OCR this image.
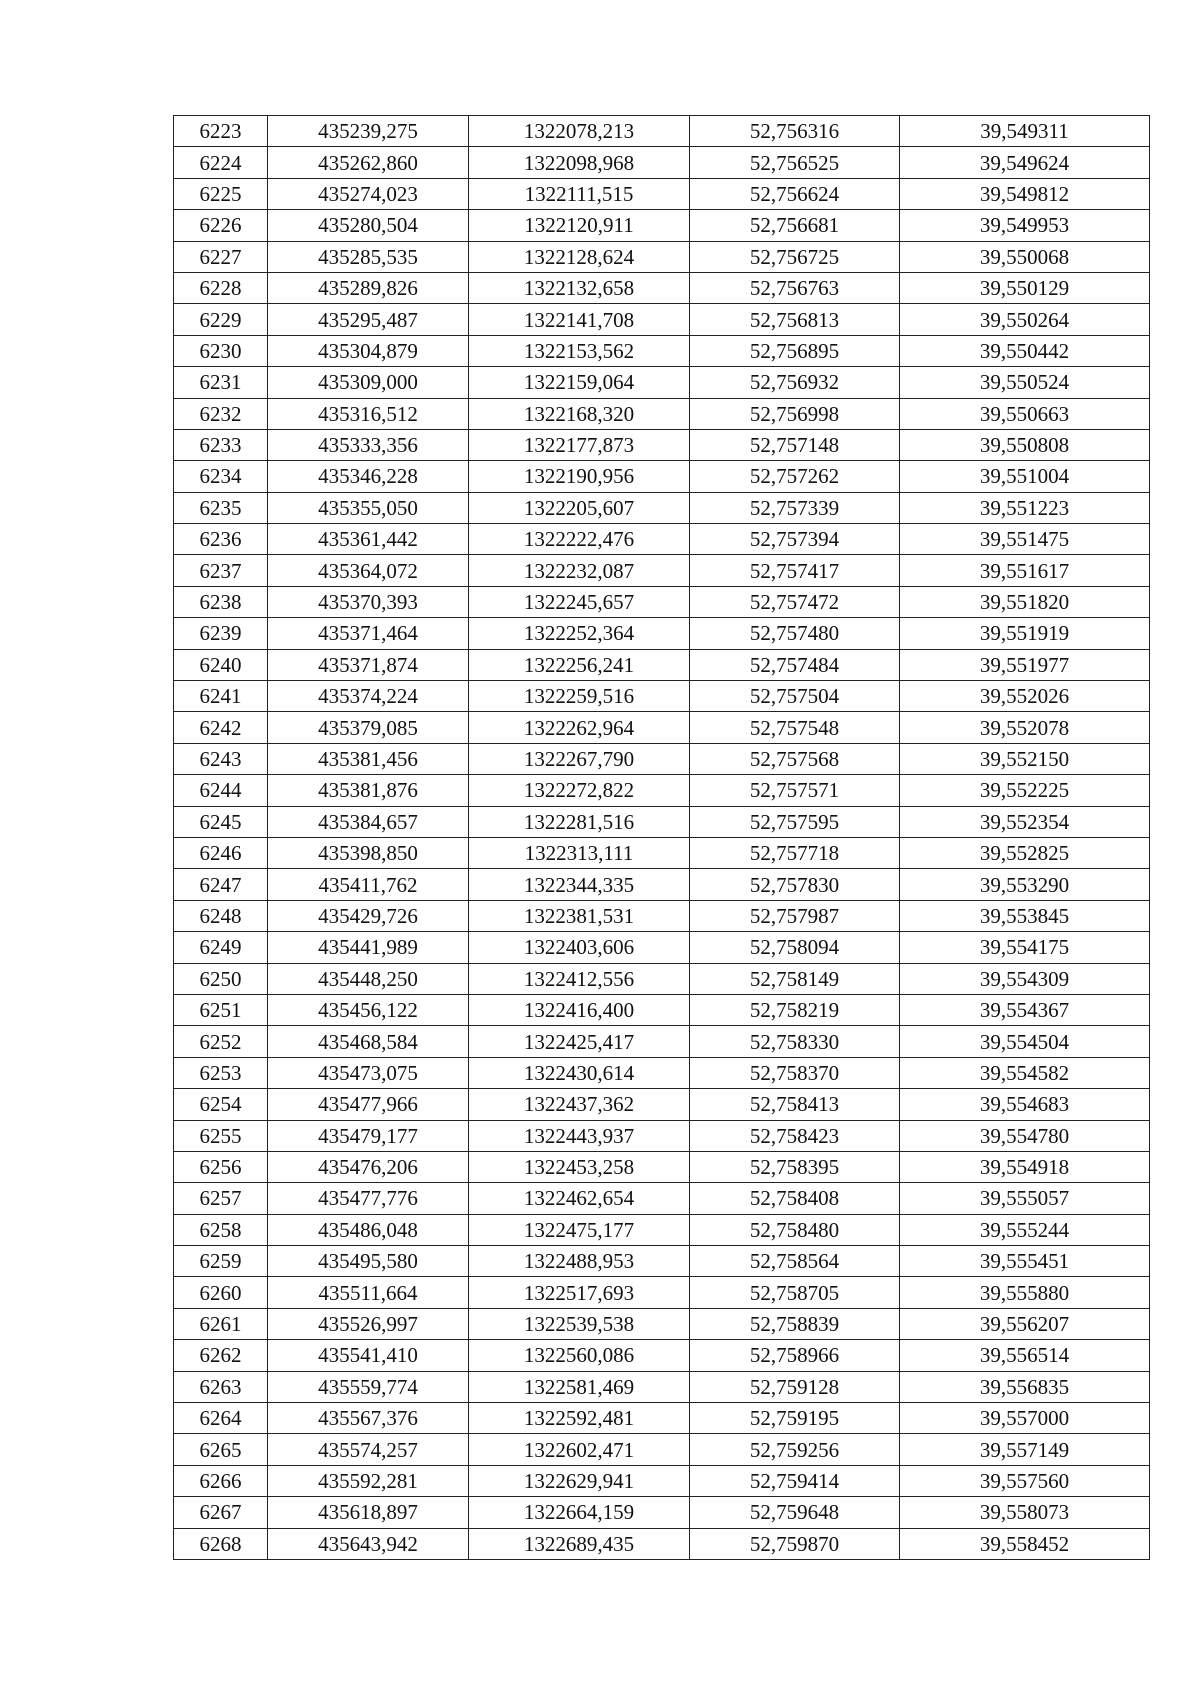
6223	435239,275	1322078,213	52,756316	39,549311
6224	435262,860	1322098,968	52,756525	39,549624
6225	435274,023	1322111,515	52,756624	39,549812
6226	435280,504	1322120,911	52,756681	39,549953
6227	435285,535	1322128,624	52,756725	39,550068
6228	435289,826	1322132,658	52,756763	39,550129
6229	435295,487	1322141,708	52,756813	39,550264
6230	435304,879	1322153,562	52,756895	39,550442
6231	435309,000	1322159,064	52,756932	39,550524
6232	435316,512	1322168,320	52,756998	39,550663
6233	435333,356	1322177,873	52,757148	39,550808
6234	435346,228	1322190,956	52,757262	39,551004
6235	435355,050	1322205,607	52,757339	39,551223
6236	435361,442	1322222,476	52,757394	39,551475
6237	435364,072	1322232,087	52,757417	39,551617
6238	435370,393	1322245,657	52,757472	39,551820
6239	435371,464	1322252,364	52,757480	39,551919
6240	435371,874	1322256,241	52,757484	39,551977
6241	435374,224	1322259,516	52,757504	39,552026
6242	435379,085	1322262,964	52,757548	39,552078
6243	435381,456	1322267,790	52,757568	39,552150
6244	435381,876	1322272,822	52,757571	39,552225
6245	435384,657	1322281,516	52,757595	39,552354
6246	435398,850	1322313,111	52,757718	39,552825
6247	435411,762	1322344,335	52,757830	39,553290
6248	435429,726	1322381,531	52,757987	39,553845
6249	435441,989	1322403,606	52,758094	39,554175
6250	435448,250	1322412,556	52,758149	39,554309
6251	435456,122	1322416,400	52,758219	39,554367
6252	435468,584	1322425,417	52,758330	39,554504
6253	435473,075	1322430,614	52,758370	39,554582
6254	435477,966	1322437,362	52,758413	39,554683
6255	435479,177	1322443,937	52,758423	39,554780
6256	435476,206	1322453,258	52,758395	39,554918
6257	435477,776	1322462,654	52,758408	39,555057
6258	435486,048	1322475,177	52,758480	39,555244
6259	435495,580	1322488,953	52,758564	39,555451
6260	435511,664	1322517,693	52,758705	39,555880
6261	435526,997	1322539,538	52,758839	39,556207
6262	435541,410	1322560,086	52,758966	39,556514
6263	435559,774	1322581,469	52,759128	39,556835
6264	435567,376	1322592,481	52,759195	39,557000
6265	435574,257	1322602,471	52,759256	39,557149
6266	435592,281	1322629,941	52,759414	39,557560
6267	435618,897	1322664,159	52,759648	39,558073
6268	435643,942	1322689,435	52,759870	39,558452
